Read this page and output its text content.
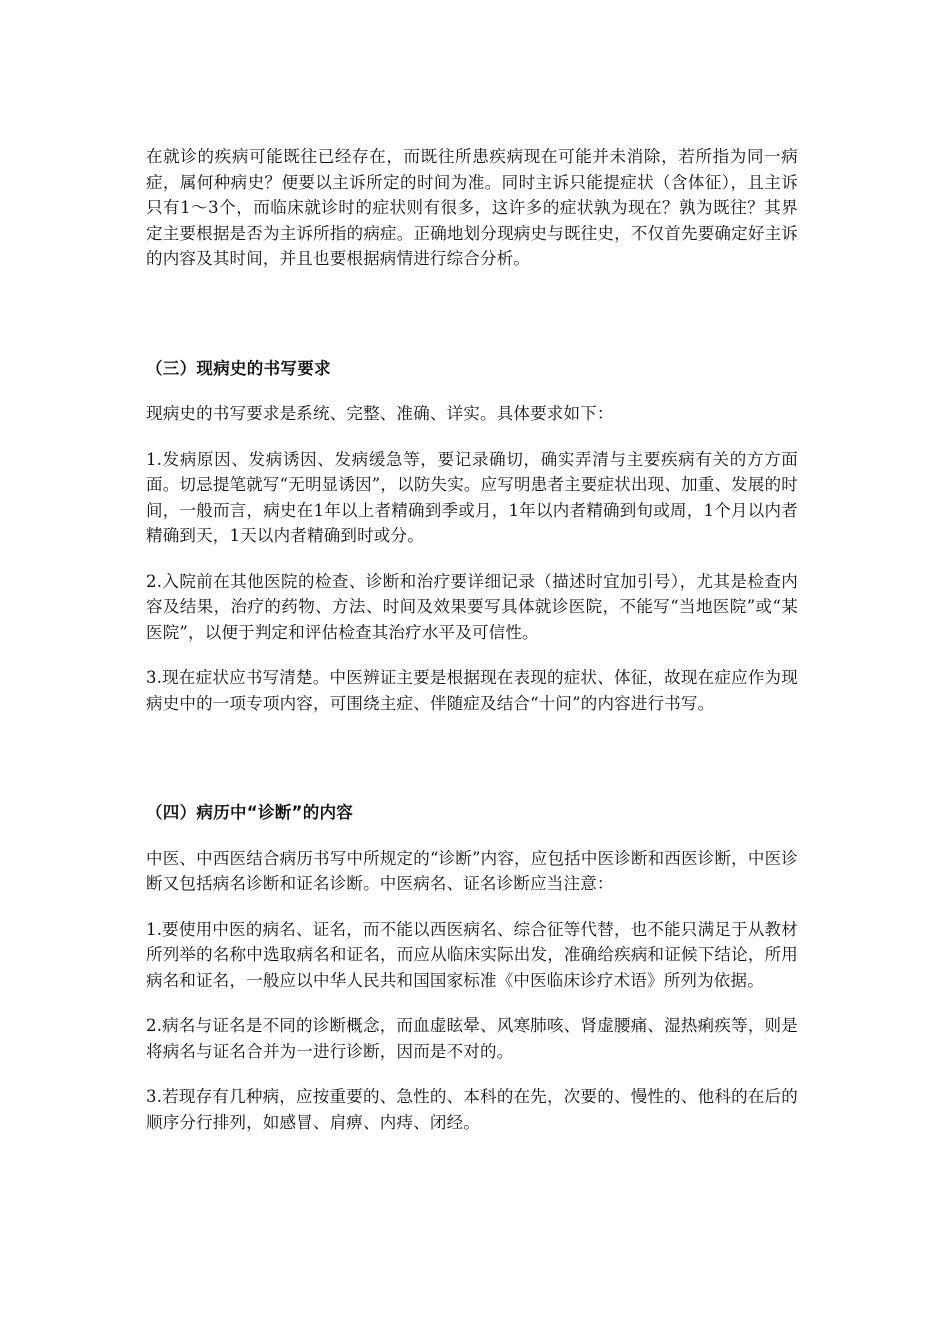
在就诊的疾病可能既往已经存在，而既往所患疾病现在可能并未消除，若所指为同一病症，属何种病史？便要以主诉所定的时间为准。同时主诉只能提症状（含体征），且主诉只有1～3个，而临床就诊时的症状则有很多，这许多的症状孰为现在？孰为既往？其界定主要根据是否为主诉所指的病症。正确地划分现病史与既往史，不仅首先要确定好主诉的内容及其时间，并且也要根据病情进行综合分析。

（三）现病史的书写要求

现病史的书写要求是系统、完整、准确、详实。具体要求如下：

1.发病原因、发病诱因、发病缓急等，要记录确切，确实弄清与主要疾病有关的方方面面。切忌提笔就写“无明显诱因”，以防失实。应写明患者主要症状出现、加重、发展的时间，一般而言，病史在1年以上者精确到季或月，1年以内者精确到旬或周，1个月以内者精确到天，1天以内者精确到时或分。

2.入院前在其他医院的检查、诊断和治疗要详细记录（描述时宜加引号），尤其是检查内容及结果，治疗的药物、方法、时间及效果要写具体就诊医院，不能写“当地医院”或“某医院”，以便于判定和评估检查其治疗水平及可信性。

3.现在症状应书写清楚。中医辨证主要是根据现在表现的症状、体征，故现在症应作为现病史中的一项专项内容，可围绕主症、伴随症及结合“十问”的内容进行书写。

（四）病历中“诊断”的内容

中医、中西医结合病历书写中所规定的“诊断”内容，应包括中医诊断和西医诊断，中医诊断又包括病名诊断和证名诊断。中医病名、证名诊断应当注意：

1.要使用中医的病名、证名，而不能以西医病名、综合征等代替，也不能只满足于从教材所列举的名称中选取病名和证名，而应从临床实际出发，准确给疾病和证候下结论，所用病名和证名，一般应以中华人民共和国国家标准《中医临床诊疗术语》所列为依据。

2.病名与证名是不同的诊断概念，而血虚眩晕、风寒肺咳、肾虚腰痛、湿热痢疾等，则是将病名与证名合并为一进行诊断，因而是不对的。

3.若现存有几种病，应按重要的、急性的、本科的在先，次要的、慢性的、他科的在后的顺序分行排列，如感冒、肩痹、内痔、闭经。
